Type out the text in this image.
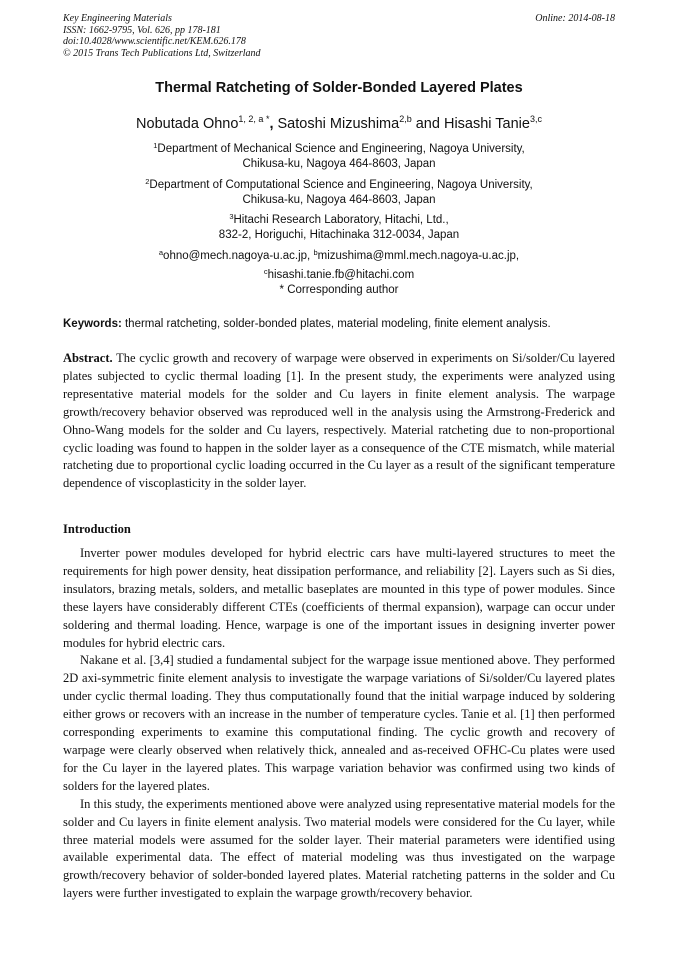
Key Engineering Materials
ISSN: 1662-9795, Vol. 626, pp 178-181
doi:10.4028/www.scientific.net/KEM.626.178
© 2015 Trans Tech Publications Ltd, Switzerland
Online: 2014-08-18
Thermal Ratcheting of Solder-Bonded Layered Plates
Nobutada Ohno$^{1, 2, a *}$, Satoshi Mizushima$^{2,b}$ and Hisashi Tanie$^{3,c}$
$^1$Department of Mechanical Science and Engineering, Nagoya University,
Chikusa-ku, Nagoya 464-8603, Japan
$^2$Department of Computational Science and Engineering, Nagoya University,
Chikusa-ku, Nagoya 464-8603, Japan
$^3$Hitachi Research Laboratory, Hitachi, Ltd.,
832-2, Horiguchi, Hitachinaka 312-0034, Japan
$^a$ohno@mech.nagoya-u.ac.jp, $^b$mizushima@mml.mech.nagoya-u.ac.jp,
$^c$hisashi.tanie.fb@hitachi.com
* Corresponding author
Keywords: thermal ratcheting, solder-bonded plates, material modeling, finite element analysis.

Abstract. The cyclic growth and recovery of warpage were observed in experiments on Si/solder/Cu layered plates subjected to cyclic thermal loading [1]. In the present study, the experiments were analyzed using representative material models for the solder and Cu layers in finite element analysis. The warpage growth/recovery behavior observed was reproduced well in the analysis using the Armstrong-Frederick and Ohno-Wang models for the solder and Cu layers, respectively. Material ratcheting due to non-proportional cyclic loading was found to happen in the solder layer as a consequence of the CTE mismatch, while material ratcheting due to proportional cyclic loading occurred in the Cu layer as a result of the significant temperature dependence of viscoplasticity in the solder layer.

Introduction

Inverter power modules developed for hybrid electric cars have multi-layered structures to meet the requirements for high power density, heat dissipation performance, and reliability [2]. Layers such as Si dies, insulators, brazing metals, solders, and metallic baseplates are mounted in this type of power modules. Since these layers have considerably different CTEs (coefficients of thermal expansion), warpage can occur under soldering and thermal loading. Hence, warpage is one of the important issues in designing inverter power modules for hybrid electric cars.

Nakane et al. [3,4] studied a fundamental subject for the warpage issue mentioned above. They performed 2D axi-symmetric finite element analysis to investigate the warpage variations of Si/solder/Cu layered plates under cyclic thermal loading. They thus computationally found that the initial warpage induced by soldering either grows or recovers with an increase in the number of temperature cycles. Tanie et al. [1] then performed corresponding experiments to examine this computational finding. The cyclic growth and recovery of warpage were clearly observed when relatively thick, annealed and as-received OFHC-Cu plates were used for the Cu layer in the layered plates. This warpage variation behavior was confirmed using two kinds of solders for the layered plates.

In this study, the experiments mentioned above were analyzed using representative material models for the solder and Cu layers in finite element analysis. Two material models were considered for the Cu layer, while three material models were assumed for the solder layer. Their material parameters were identified using available experimental data. The effect of material modeling was thus investigated on the warpage growth/recovery behavior of solder-bonded layered plates. Material ratcheting patterns in the solder and Cu layers were further investigated to explain the warpage growth/recovery behavior.
